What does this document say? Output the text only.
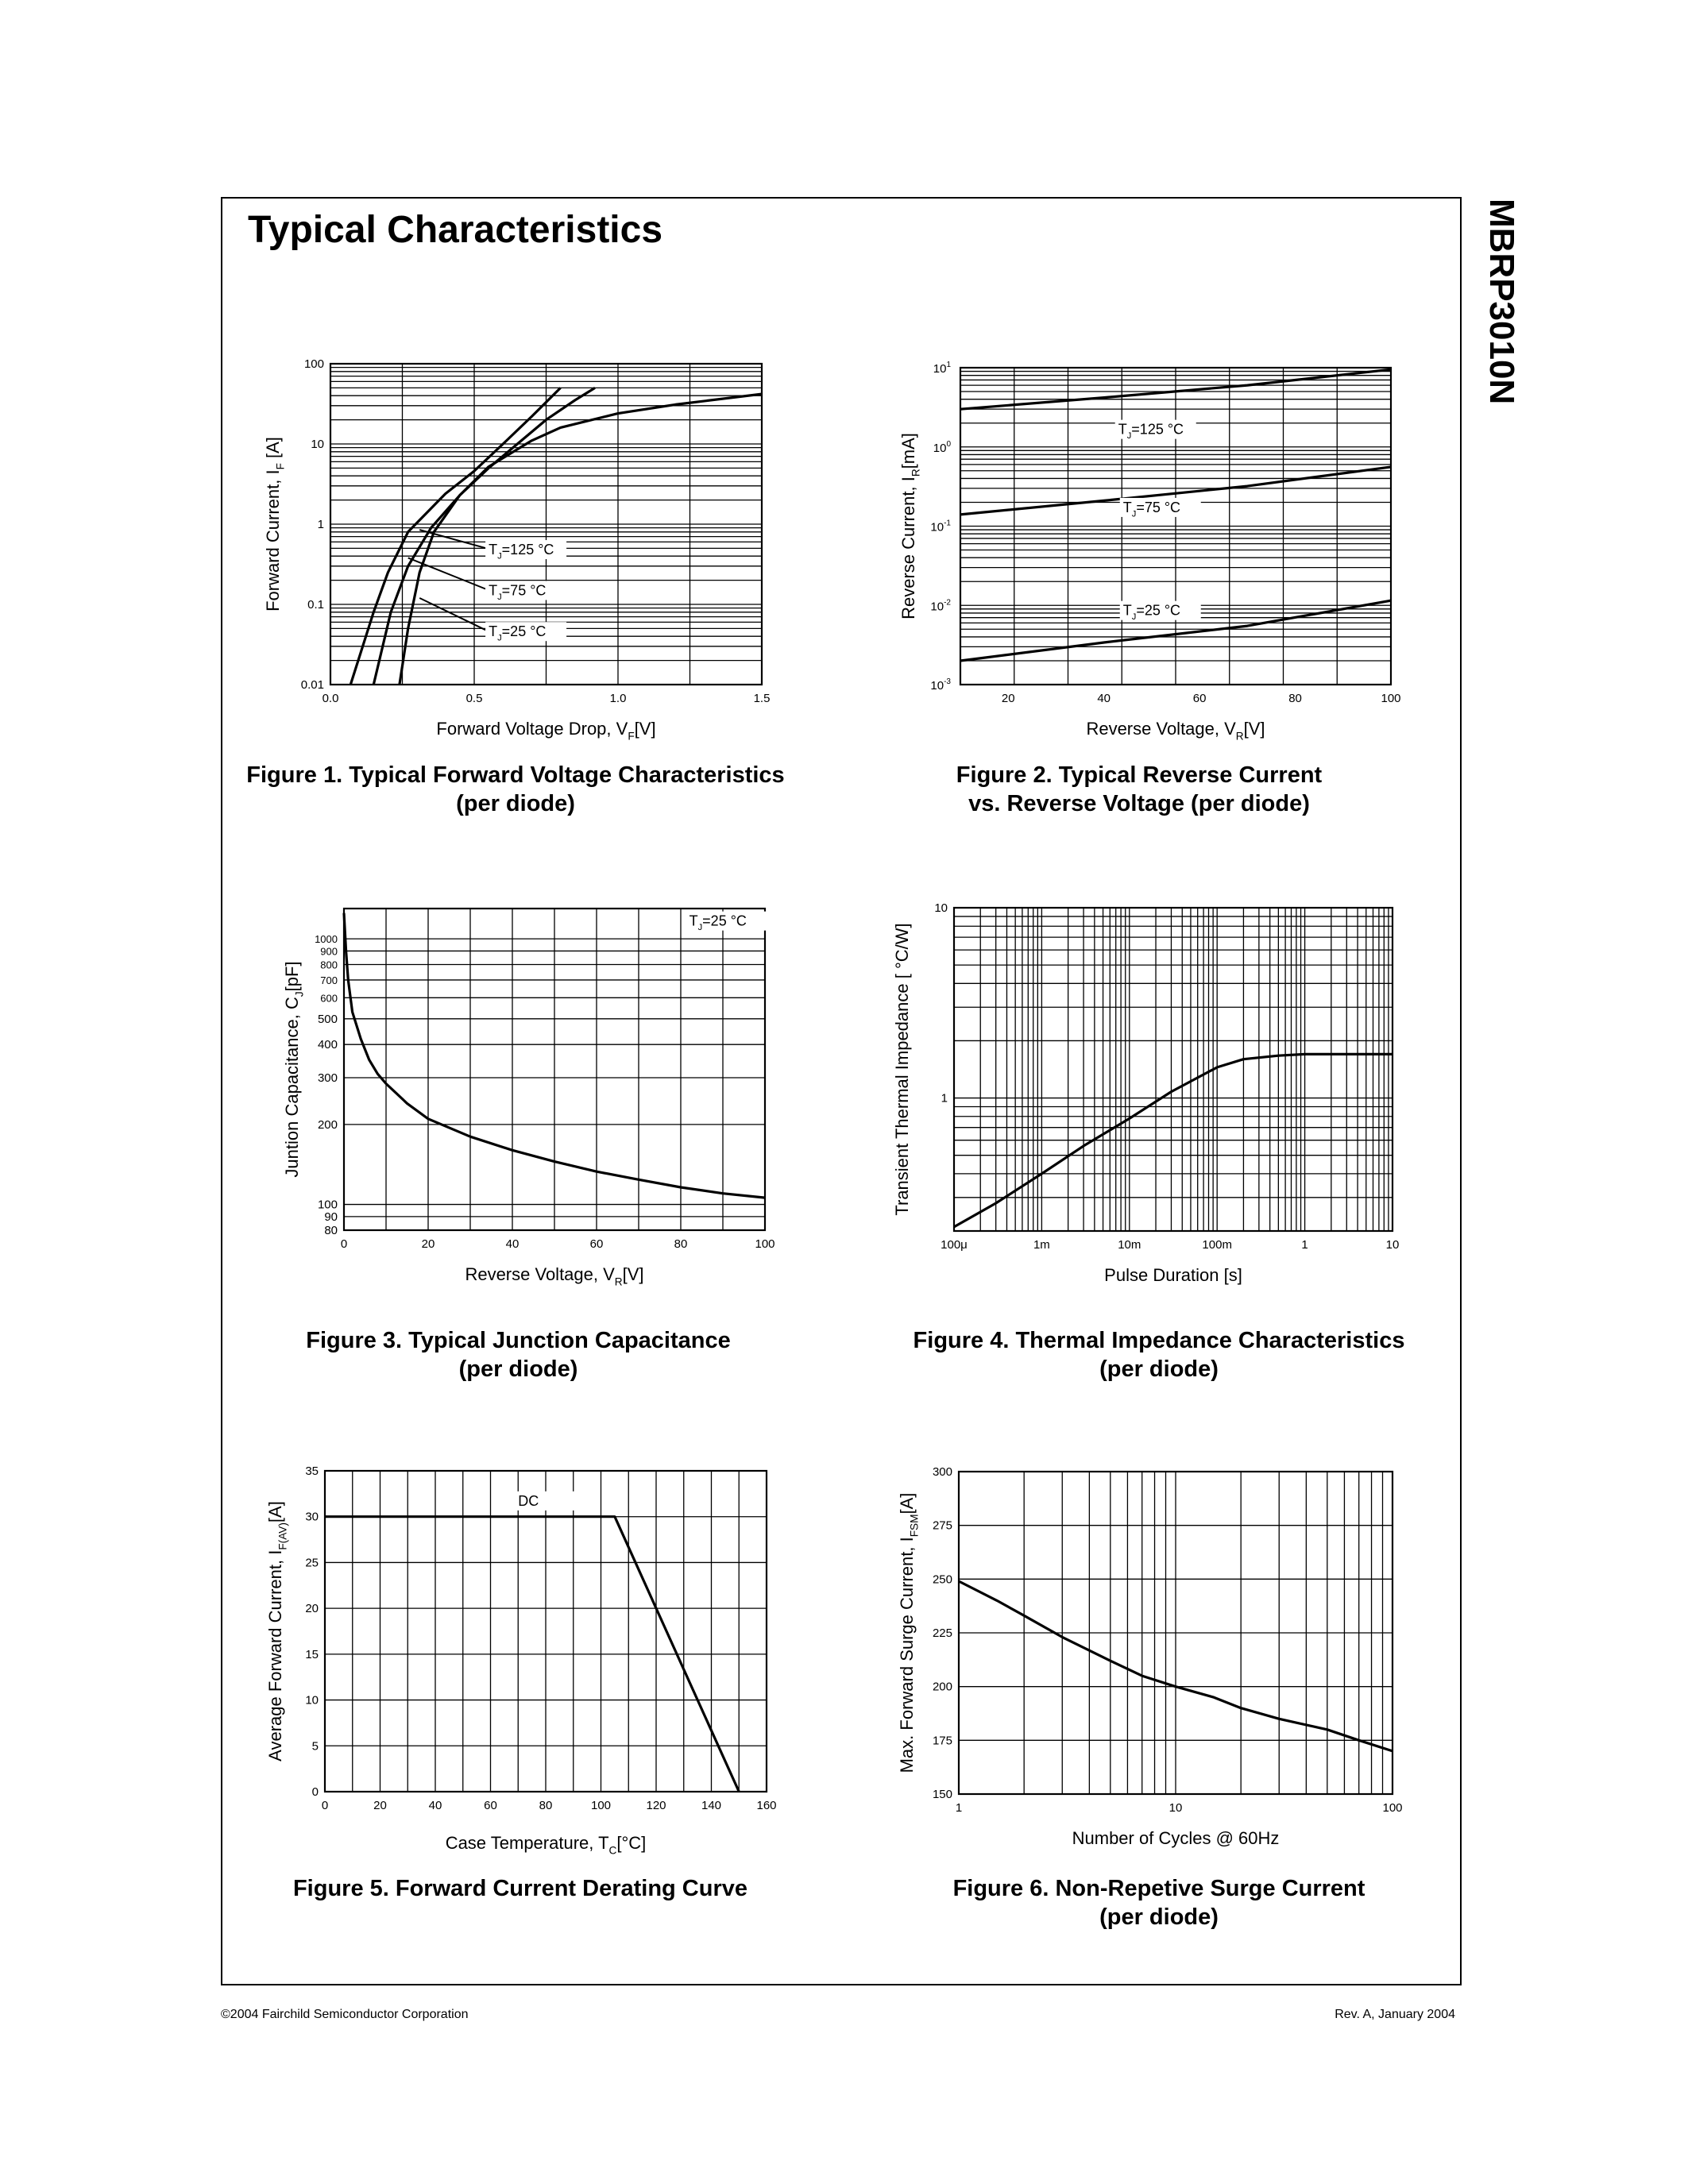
Typical Characteristics	MBRP3010N
0.0	0.5	1.0	1.5
0.01
0.1
1
10
100
Forward Voltage Drop, $V_F[V]$
Forward Current, $I_F$ [A]
$T_J=125$ °C
$T_J=75$ °C
$T_J=25$ °C
Figure 1. Typical Forward Voltage Characteristics
(per diode)
20	40	60	80	100
$10^{-3}$
$10^{-2}$
$10^{-1}$
$10^0$
$10^1$
Reverse Voltage, $V_R[V]$
Reverse Current, $I_R[mA]$
$T_J=125$ °C
$T_J=75$ °C
$T_J=25$ °C
Figure 2. Typical Reverse Current
vs. Reverse Voltage (per diode)
0	20	40	60	80	100
80
90
100
200
300
400
500
600
700
800
900
1000
Reverse Voltage, $V_R[V]$
Juntion Capacitance, $C_J[pF]$
$T_J=25$ °C
Figure 3. Typical Junction Capacitance
(per diode)
100μ	1m	10m	100m	1	10
1
10
Pulse Duration [s]
Transient Thermal Impedance [ °C/W]
Figure 4. Thermal Impedance Characteristics
(per diode)
0	20	40	60	80	100	120	140	160
0
5
10
15
20
25
30
35
Case Temperature, $T_C[^\circ C]$
Average Forward Current, $I_{F(AV)}[A]$
DC
Figure 5. Forward Current Derating Curve
1	10	100
150
175
200
225
250
275
300
Number of Cycles @ 60Hz
Max. Forward Surge Current, $I_{FSM}[A]$
Figure 6. Non-Repetive Surge Current
(per diode)
©2004 Fairchild Semiconductor Corporation	Rev. A, January 2004
